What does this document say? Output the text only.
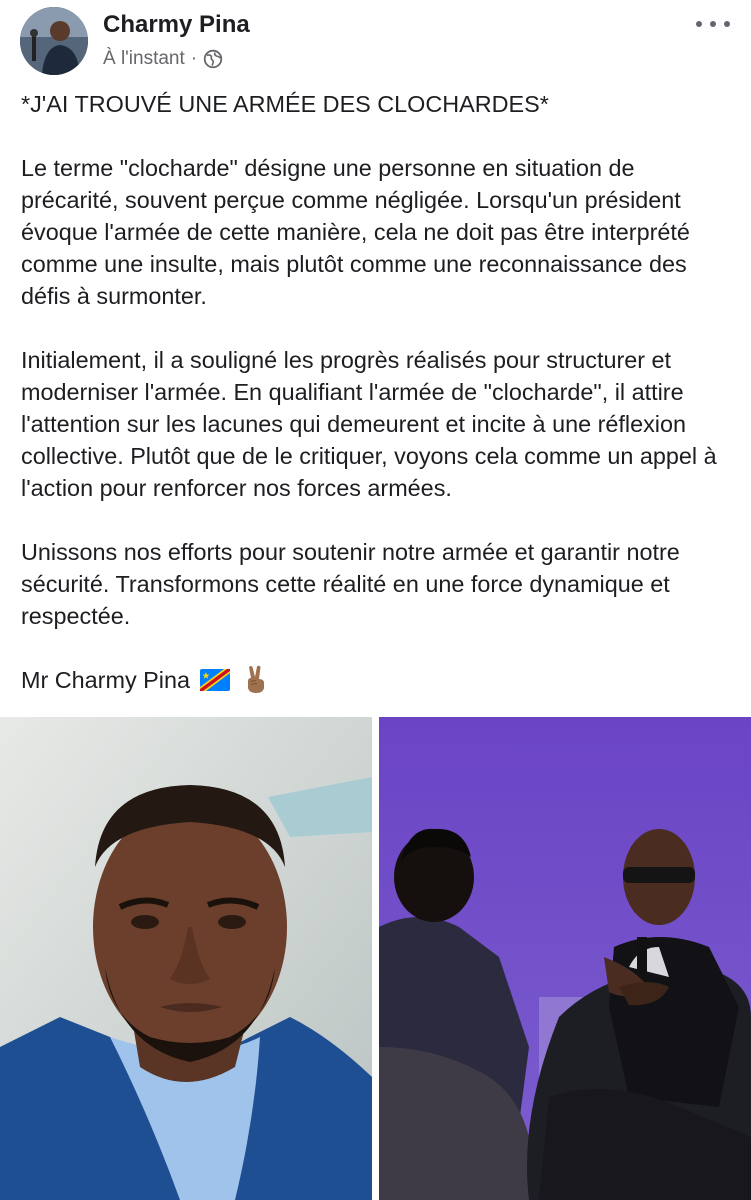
Charmy Pina
À l'instant ·

*J'AI TROUVÉ UNE ARMÉE DES CLOCHARDES*

Le terme "clocharde" désigne une personne en situation de précarité, souvent perçue comme négligée. Lorsqu'un président évoque l'armée de cette manière, cela ne doit pas être interprété comme une insulte, mais plutôt comme une reconnaissance des défis à surmonter.

Initialement, il a souligné les progrès réalisés pour structurer et moderniser l'armée. En qualifiant l'armée de "clocharde", il attire l'attention sur les lacunes qui demeurent et incite à une réflexion collective. Plutôt que de le critiquer, voyons cela comme un appel à l'action pour renforcer nos forces armées.

Unissons nos efforts pour soutenir notre armée et garantir notre sécurité. Transformons cette réalité en une force dynamique et respectée.

Mr Charmy Pina
